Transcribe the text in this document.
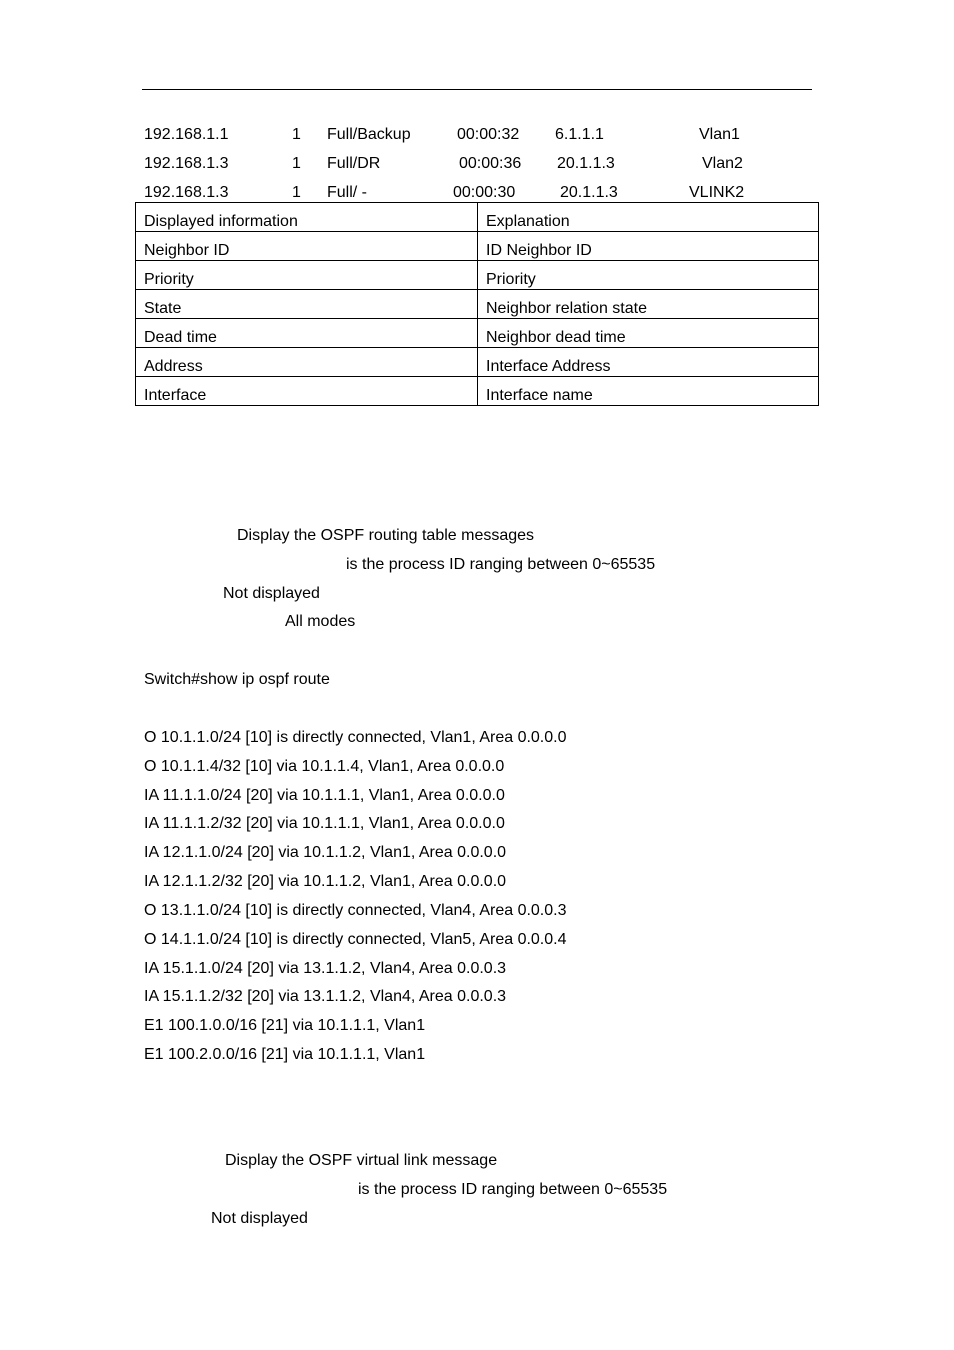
192.168.1.1	1 Full/Backup	00:00:32 6.1.1.1	Vlan1
192.168.1.3	1 Full/DR	00:00:36 20.1.1.3	Vlan2
192.168.1.3	1 Full/ -	00:00:30	20.1.1.3	VLINK2
Displayed information	Explanation
Neighbor ID	ID Neighbor ID
Priority	Priority
State	Neighbor relation state
Dead time	Neighbor dead time
Address	Interface Address
Interface	Interface name
Display the OSPF routing table messages
is the process ID ranging between 0~65535
Not displayed
All modes
Switch#show ip ospf route
O 10.1.1.0/24 [10] is directly connected, Vlan1, Area 0.0.0.0
O 10.1.1.4/32 [10] via 10.1.1.4, Vlan1, Area 0.0.0.0
IA 11.1.1.0/24 [20] via 10.1.1.1, Vlan1, Area 0.0.0.0
IA 11.1.1.2/32 [20] via 10.1.1.1, Vlan1, Area 0.0.0.0
IA 12.1.1.0/24 [20] via 10.1.1.2, Vlan1, Area 0.0.0.0
IA 12.1.1.2/32 [20] via 10.1.1.2, Vlan1, Area 0.0.0.0
O 13.1.1.0/24 [10] is directly connected, Vlan4, Area 0.0.0.3
O 14.1.1.0/24 [10] is directly connected, Vlan5, Area 0.0.0.4
IA 15.1.1.0/24 [20] via 13.1.1.2, Vlan4, Area 0.0.0.3
IA 15.1.1.2/32 [20] via 13.1.1.2, Vlan4, Area 0.0.0.3
E1 100.1.0.0/16 [21] via 10.1.1.1, Vlan1
E1 100.2.0.0/16 [21] via 10.1.1.1, Vlan1
Display the OSPF virtual link message
is the process ID ranging between 0~65535
Not displayed
